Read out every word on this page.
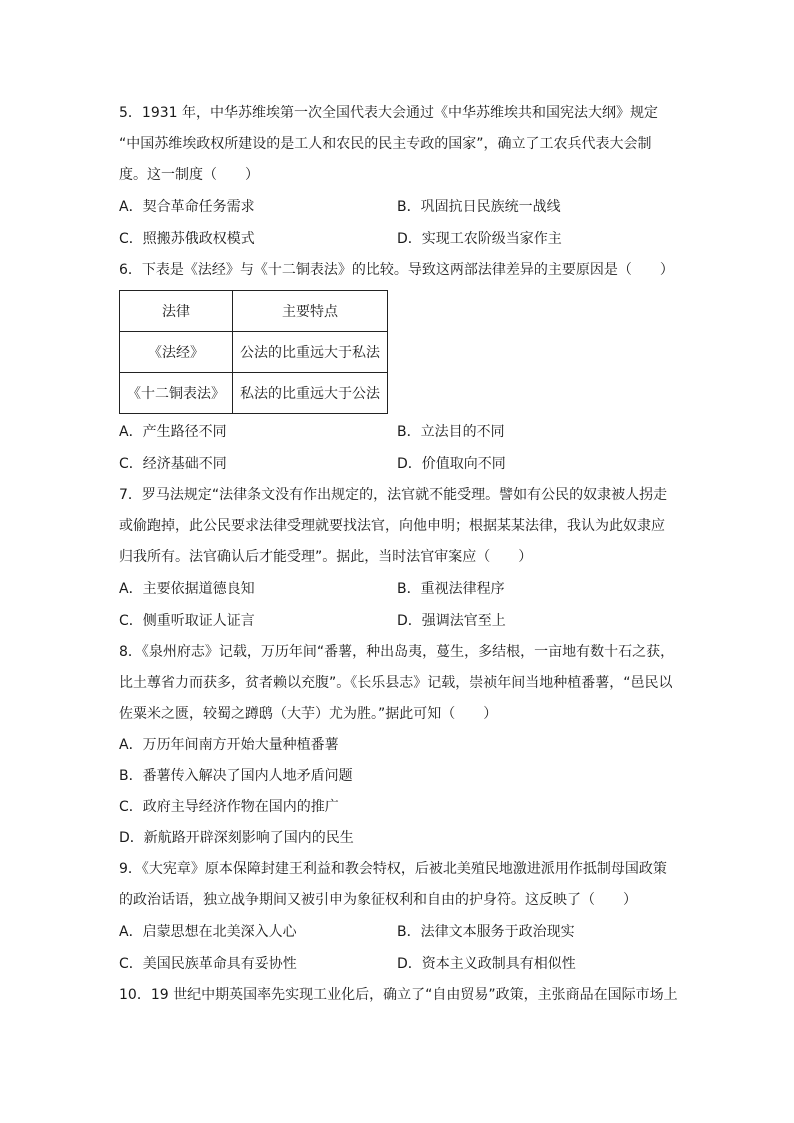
5．1931 年，中华苏维埃第一次全国代表大会通过《中华苏维埃共和国宪法大纲》规定
“中国苏维埃政权所建设的是工人和农民的民主专政的国家”，确立了工农兵代表大会制
度。这一制度（　　）
A．契合革命任务需求	B．巩固抗日民族统一战线
C．照搬苏俄政权模式	D．实现工农阶级当家作主
6．下表是《法经》与《十二铜表法》的比较。导致这两部法律差异的主要原因是（　　）
法律	主要特点
《法经》	公法的比重远大于私法
《十二铜表法》	私法的比重远大于公法
A．产生路径不同	B．立法目的不同
C．经济基础不同	D．价值取向不同
7．罗马法规定“法律条文没有作出规定的，法官就不能受理。譬如有公民的奴隶被人拐走
或偷跑掉，此公民要求法律受理就要找法官，向他申明；根据某某法律，我认为此奴隶应
归我所有。法官确认后才能受理”。据此，当时法官审案应（　　）
A．主要依据道德良知	B．重视法律程序
C．侧重听取证人证言	D．强调法官至上
8．《泉州府志》记载，万历年间“番薯，种出岛夷，蔓生，多结根，一亩地有数十石之获，
比土蓴省力而获多，贫者赖以充腹”。《长乐县志》记载，崇祯年间当地种植番薯，“邑民以
佐粟米之匮，较蜀之蹲鸱（大芋）尤为胜。”据此可知（　　）
A．万历年间南方开始大量种植番薯
B．番薯传入解决了国内人地矛盾问题
C．政府主导经济作物在国内的推广
D．新航路开辟深刻影响了国内的民生
9．《大宪章》原本保障封建王利益和教会特权，后被北美殖民地激进派用作抵制母国政策
的政治话语，独立战争期间又被引申为象征权利和自由的护身符。这反映了（　　）
A．启蒙思想在北美深入人心	B．法律文本服务于政治现实
C．美国民族革命具有妥协性	D．资本主义政制具有相似性
10．19 世纪中期英国率先实现工业化后，确立了“自由贸易”政策，主张商品在国际市场上
